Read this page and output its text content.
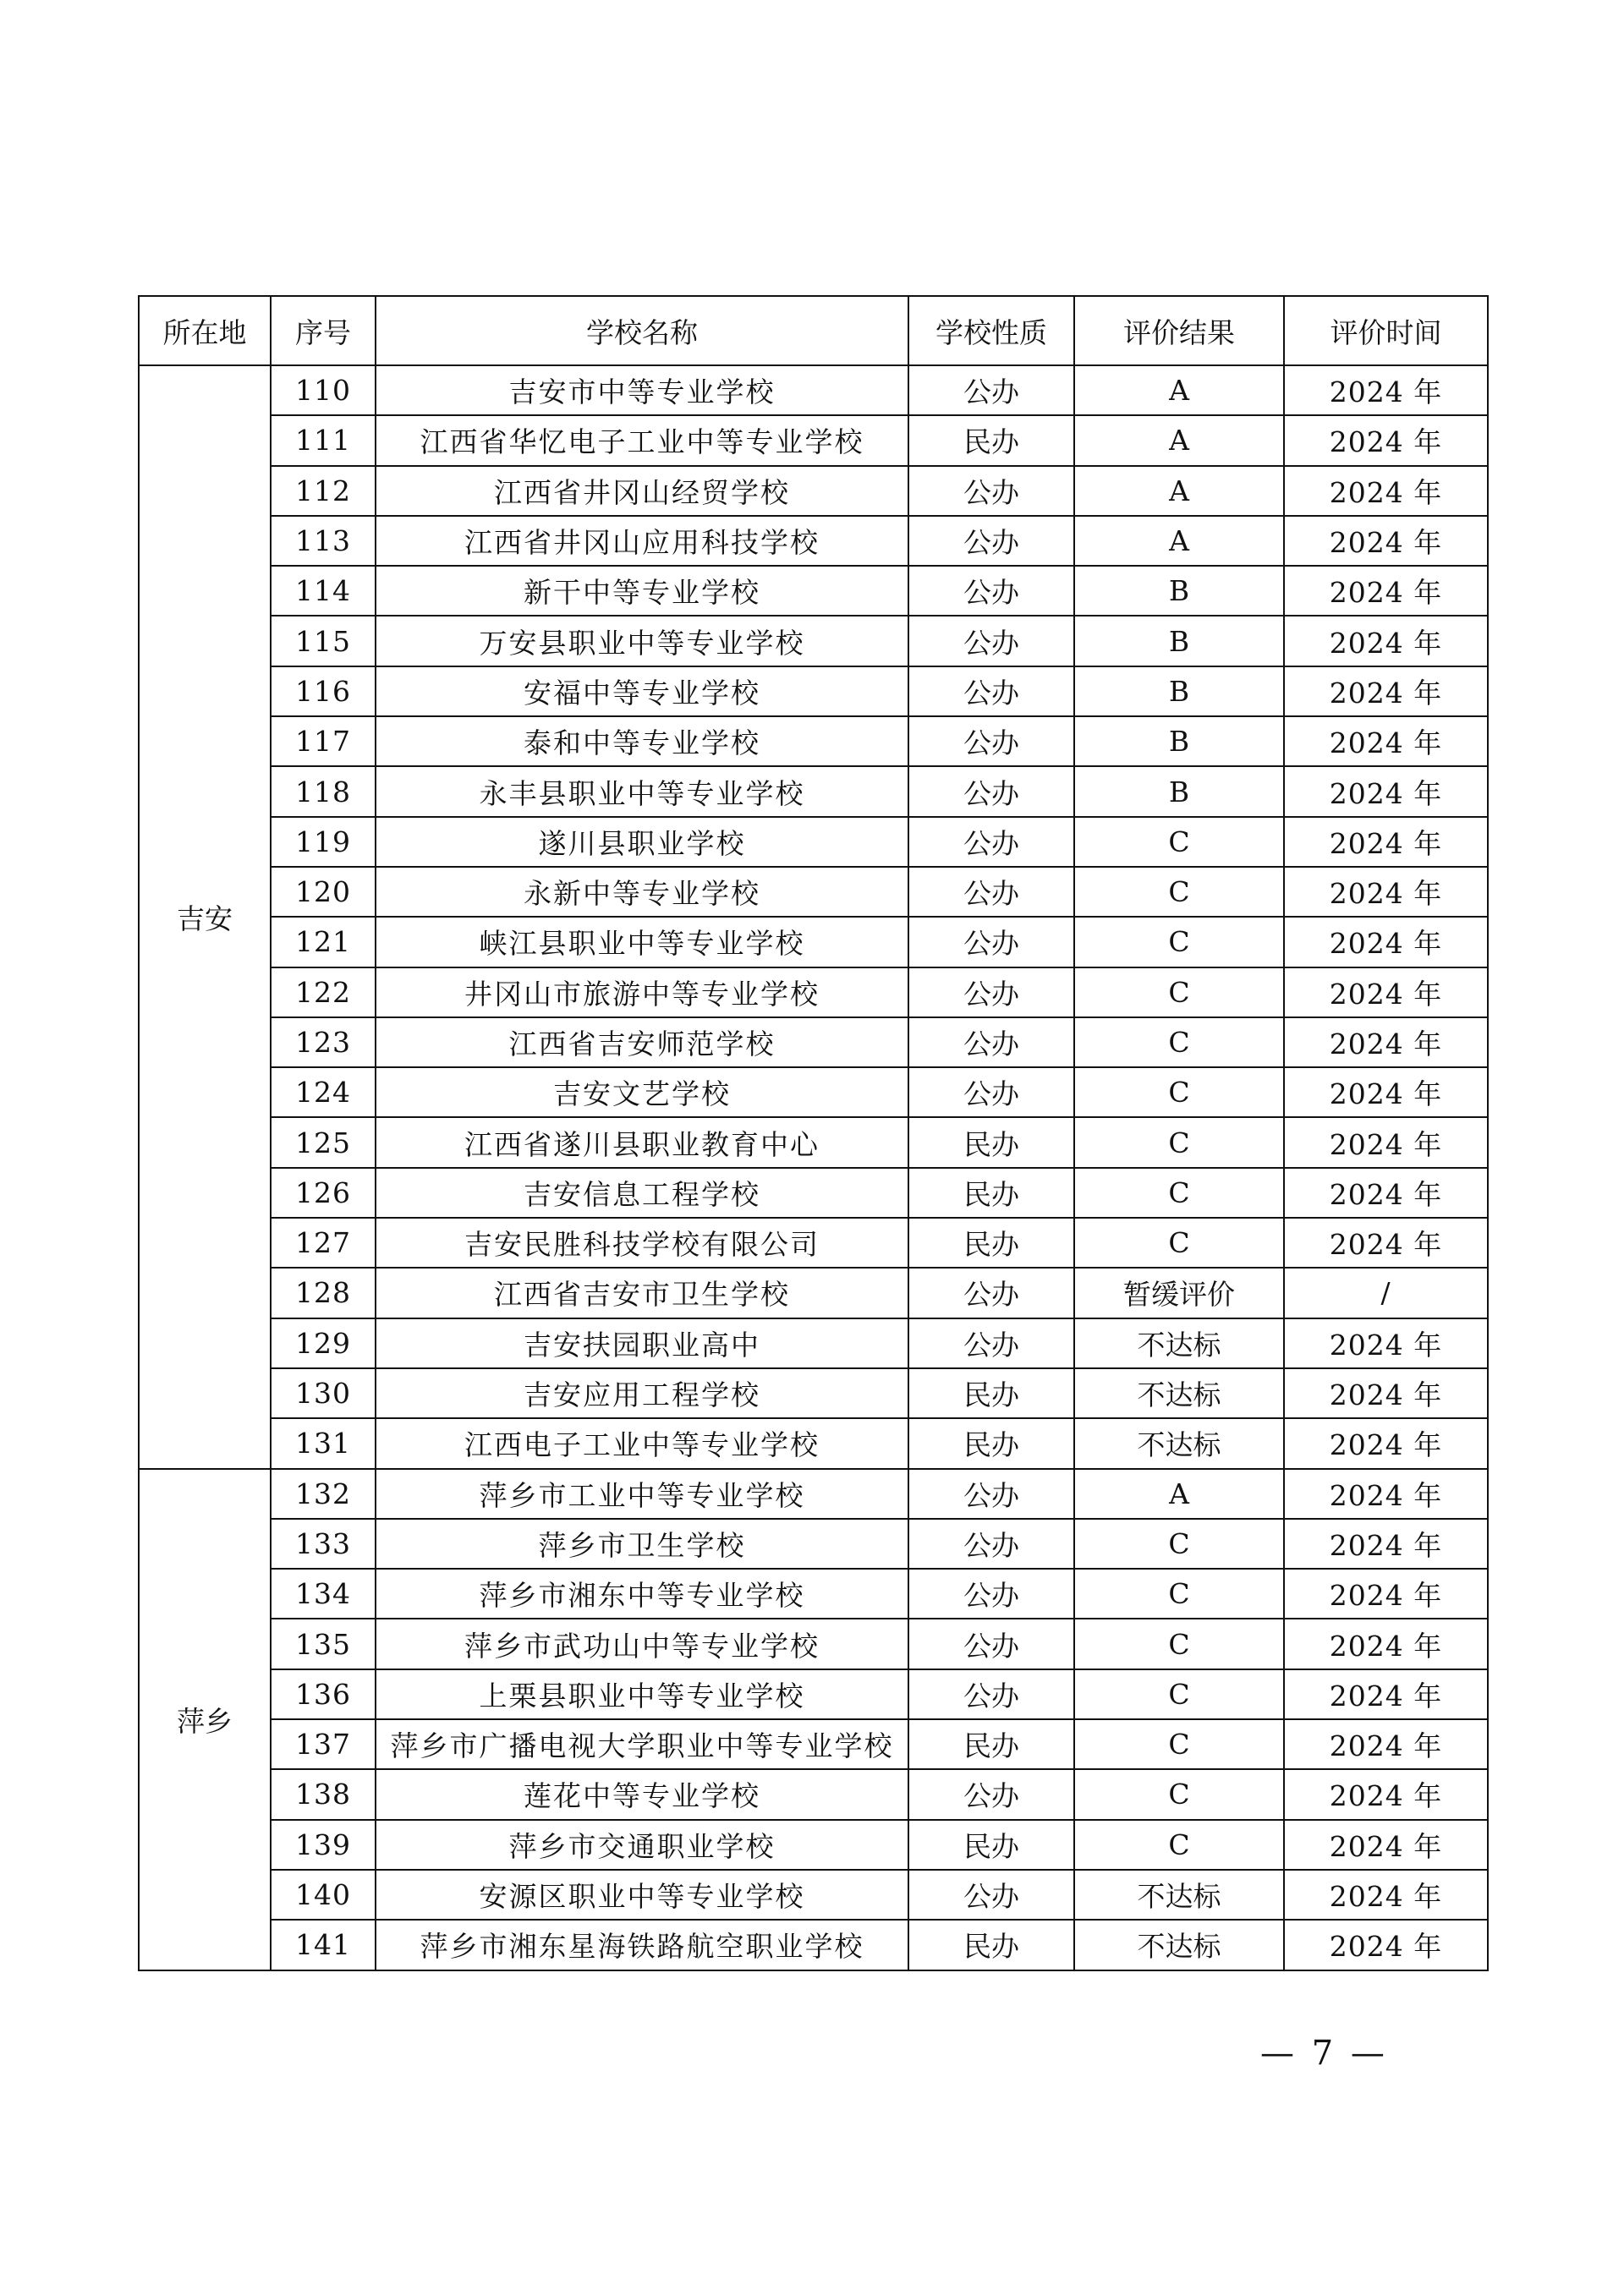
所在地	序号	学校名称	学校性质	评价结果	评价时间
吉安	110	吉安市中等专业学校	公办	A	2024 年
	111	江西省华忆电子工业中等专业学校	民办	A	2024 年
	112	江西省井冈山经贸学校	公办	A	2024 年
	113	江西省井冈山应用科技学校	公办	A	2024 年
	114	新干中等专业学校	公办	B	2024 年
	115	万安县职业中等专业学校	公办	B	2024 年
	116	安福中等专业学校	公办	B	2024 年
	117	泰和中等专业学校	公办	B	2024 年
	118	永丰县职业中等专业学校	公办	B	2024 年
	119	遂川县职业学校	公办	C	2024 年
	120	永新中等专业学校	公办	C	2024 年
	121	峡江县职业中等专业学校	公办	C	2024 年
	122	井冈山市旅游中等专业学校	公办	C	2024 年
	123	江西省吉安师范学校	公办	C	2024 年
	124	吉安文艺学校	公办	C	2024 年
	125	江西省遂川县职业教育中心	民办	C	2024 年
	126	吉安信息工程学校	民办	C	2024 年
	127	吉安民胜科技学校有限公司	民办	C	2024 年
	128	江西省吉安市卫生学校	公办	暂缓评价	/
	129	吉安扶园职业高中	公办	不达标	2024 年
	130	吉安应用工程学校	民办	不达标	2024 年
	131	江西电子工业中等专业学校	民办	不达标	2024 年
萍乡	132	萍乡市工业中等专业学校	公办	A	2024 年
	133	萍乡市卫生学校	公办	C	2024 年
	134	萍乡市湘东中等专业学校	公办	C	2024 年
	135	萍乡市武功山中等专业学校	公办	C	2024 年
	136	上栗县职业中等专业学校	公办	C	2024 年
	137	萍乡市广播电视大学职业中等专业学校	民办	C	2024 年
	138	莲花中等专业学校	公办	C	2024 年
	139	萍乡市交通职业学校	民办	C	2024 年
	140	安源区职业中等专业学校	公办	不达标	2024 年
	141	萍乡市湘东星海铁路航空职业学校	民办	不达标	2024 年
— 7 —
